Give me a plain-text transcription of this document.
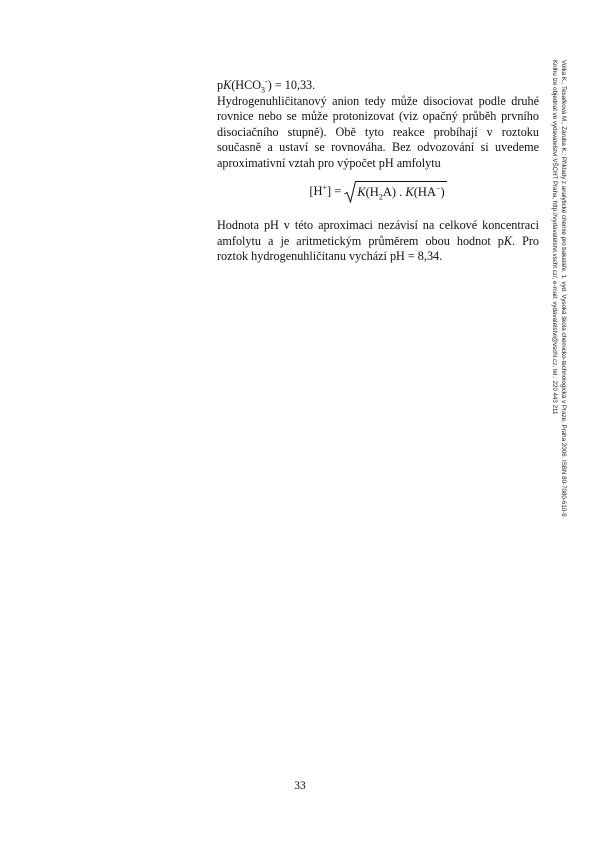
$pK(HCO_3^-) = 10,33$.

Hydrogenuhličitanový anion tedy může disociovat podle druhé rovnice nebo se může protonizovat (viz opačný průběh prvního disociačního stupně). Obě tyto reakce probíhají v roztoku současně a ustaví se rovnováha. Bez odvozování si uvedeme aproximativní vztah pro výpočet pH amfolytu

$[H^+] = K(H_2A)$ . K(HA−)

Hodnota pH v této aproximaci nezávisí na celkové koncentraci amfolytu a je aritmetickým průměrem obou hodnot pK. Pro roztok hydrogenuhličitanu vychází pH = 8,34.

33
Volka K., Tesařková M., Záruba K.: Příklady z analytické chemie pro bakaláře, 1. vyd. Vysoká škola chemicko-technologická v Praze, Praha 2006. ISBN 80-7080-610-9
Knihu lze objednat ve vydavatelství VŠCHT Praha, http://vydavatelstvi.vscht.cz/, e-mail: vydavatelstvi@vscht.cz, tel.: 220 443 211
